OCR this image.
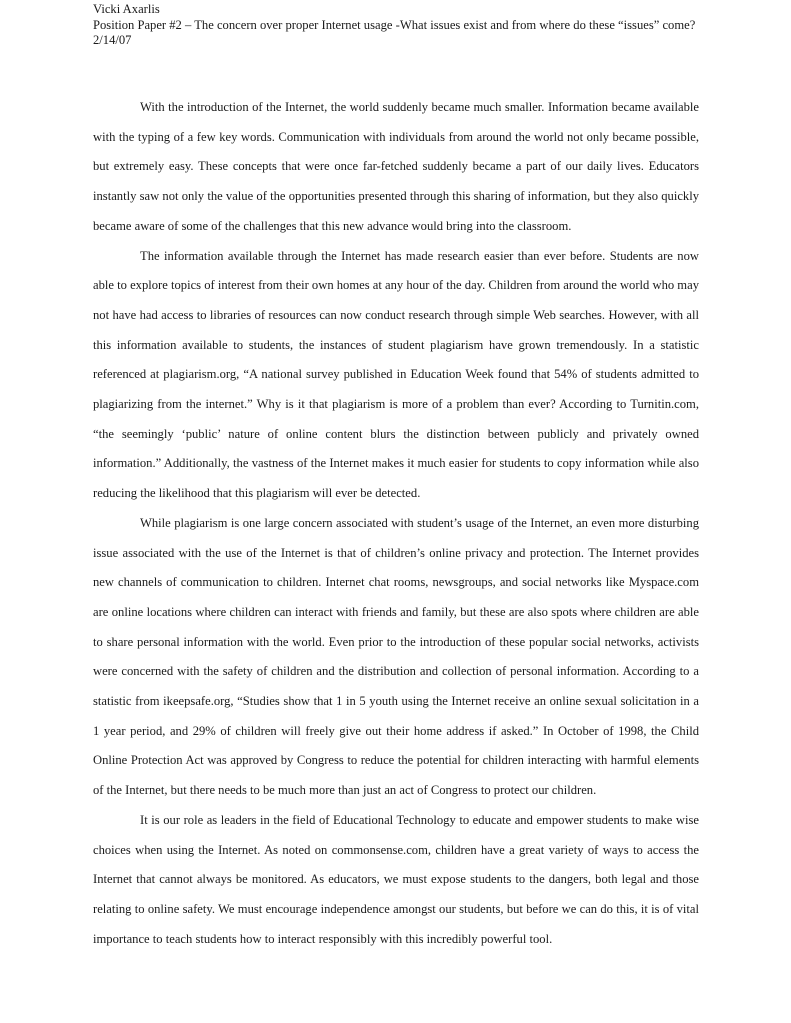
Vicki Axarlis
Position Paper #2 – The concern over proper Internet usage -What issues exist and from where do these “issues” come?
2/14/07

With the introduction of the Internet, the world suddenly became much smaller. Information became available with the typing of a few key words. Communication with individuals from around the world not only became possible, but extremely easy. These concepts that were once far-fetched suddenly became a part of our daily lives. Educators instantly saw not only the value of the opportunities presented through this sharing of information, but they also quickly became aware of some of the challenges that this new advance would bring into the classroom.

The information available through the Internet has made research easier than ever before. Students are now able to explore topics of interest from their own homes at any hour of the day. Children from around the world who may not have had access to libraries of resources can now conduct research through simple Web searches. However, with all this information available to students, the instances of student plagiarism have grown tremendously. In a statistic referenced at plagiarism.org, “A national survey published in Education Week found that 54% of students admitted to plagiarizing from the internet.” Why is it that plagiarism is more of a problem than ever? According to Turnitin.com, “the seemingly ‘public’ nature of online content blurs the distinction between publicly and privately owned information.” Additionally, the vastness of the Internet makes it much easier for students to copy information while also reducing the likelihood that this plagiarism will ever be detected.

While plagiarism is one large concern associated with student’s usage of the Internet, an even more disturbing issue associated with the use of the Internet is that of children’s online privacy and protection. The Internet provides new channels of communication to children. Internet chat rooms, newsgroups, and social networks like Myspace.com are online locations where children can interact with friends and family, but these are also spots where children are able to share personal information with the world. Even prior to the introduction of these popular social networks, activists were concerned with the safety of children and the distribution and collection of personal information. According to a statistic from ikeepsafe.org, “Studies show that 1 in 5 youth using the Internet receive an online sexual solicitation in a 1 year period, and 29% of children will freely give out their home address if asked.” In October of 1998, the Child Online Protection Act was approved by Congress to reduce the potential for children interacting with harmful elements of the Internet, but there needs to be much more than just an act of Congress to protect our children.

It is our role as leaders in the field of Educational Technology to educate and empower students to make wise choices when using the Internet. As noted on commonsense.com, children have a great variety of ways to access the Internet that cannot always be monitored. As educators, we must expose students to the dangers, both legal and those relating to online safety. We must encourage independence amongst our students, but before we can do this, it is of vital importance to teach students how to interact responsibly with this incredibly powerful tool.
